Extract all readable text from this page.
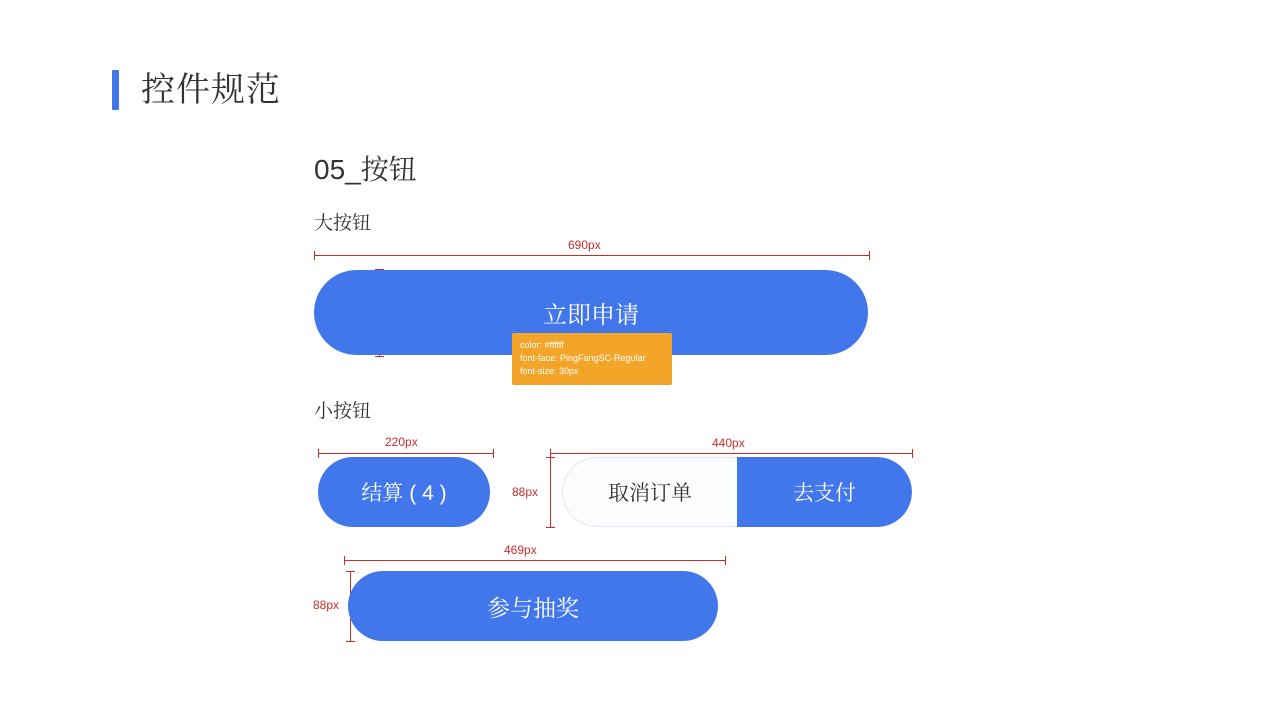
控件规范
05_按钮
大按钮
小按钮
690px
立即申请
color: #ffffff
font-face: PingFangSC-Regular
font-size: 30px
220px
结算 ( 4 )
440px
88px	取消订单	去支付
469px
88px	参与抽奖
